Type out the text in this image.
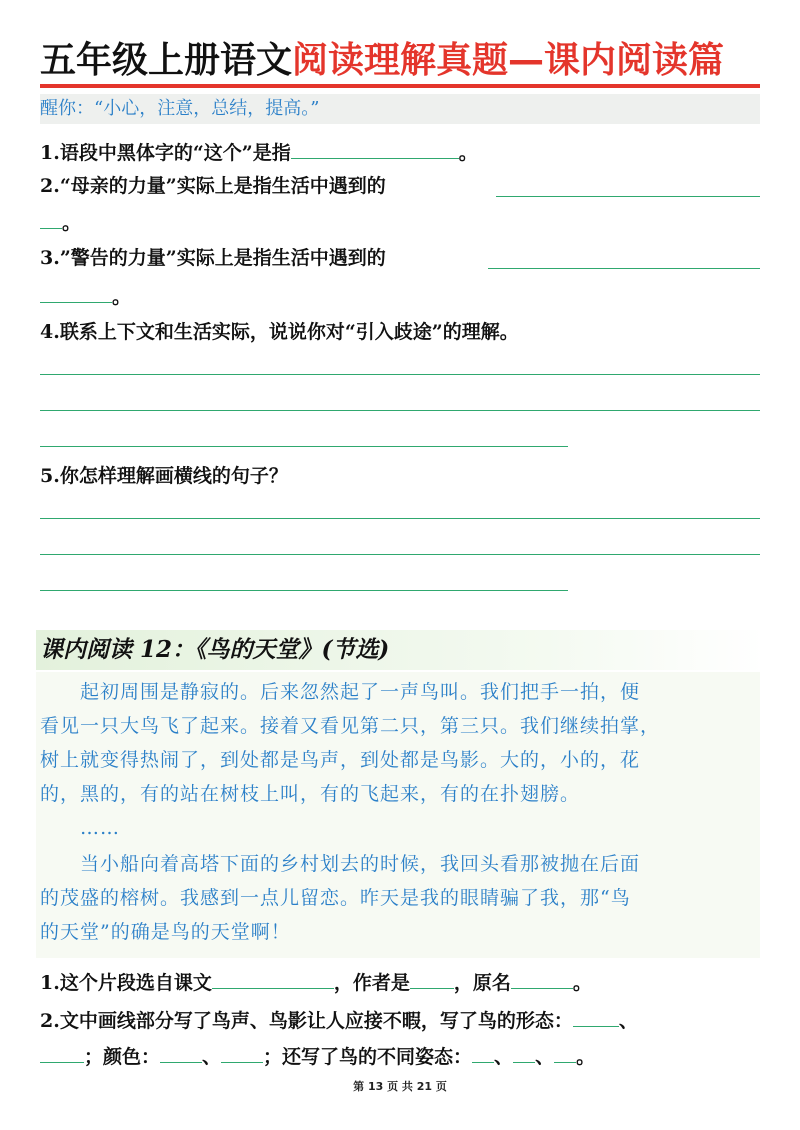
五年级上册语文阅读理解真题—课内阅读篇
醒你：“小心，注意，总结，提高。”
1.语段中黑体字的“这个”是指	。
2.“母亲的力量”实际上是指生活中遇到的
。
3.”警告的力量”实际上是指生活中遇到的
。
4.联系上下文和生活实际，说说你对“引入歧途”的理解。
5.你怎样理解画横线的句子？
课内阅读 12：《鸟的天堂》(节选)
　　起初周围是静寂的。后来忽然起了一声鸟叫。我们把手一拍，便
看见一只大鸟飞了起来。接着又看见第二只，第三只。我们继续拍掌，
树上就变得热闹了，到处都是鸟声，到处都是鸟影。大的，小的，花
的，黑的，有的站在树枝上叫，有的飞起来，有的在扑翅膀。
　　……
　　当小船向着高塔下面的乡村划去的时候，我回头看那被抛在后面
的茂盛的榕树。我感到一点儿留恋。昨天是我的眼睛骗了我，那“鸟
的天堂”的确是鸟的天堂啊！
1.这个片段选自课文	，作者是 ，原名	。
2.文中画线部分写了鸟声、鸟影让人应接不暇，写了鸟的形态： 、
；颜色： 、 ；还写了鸟的不同姿态： 、 、 。
第 13 页 共 21 页
